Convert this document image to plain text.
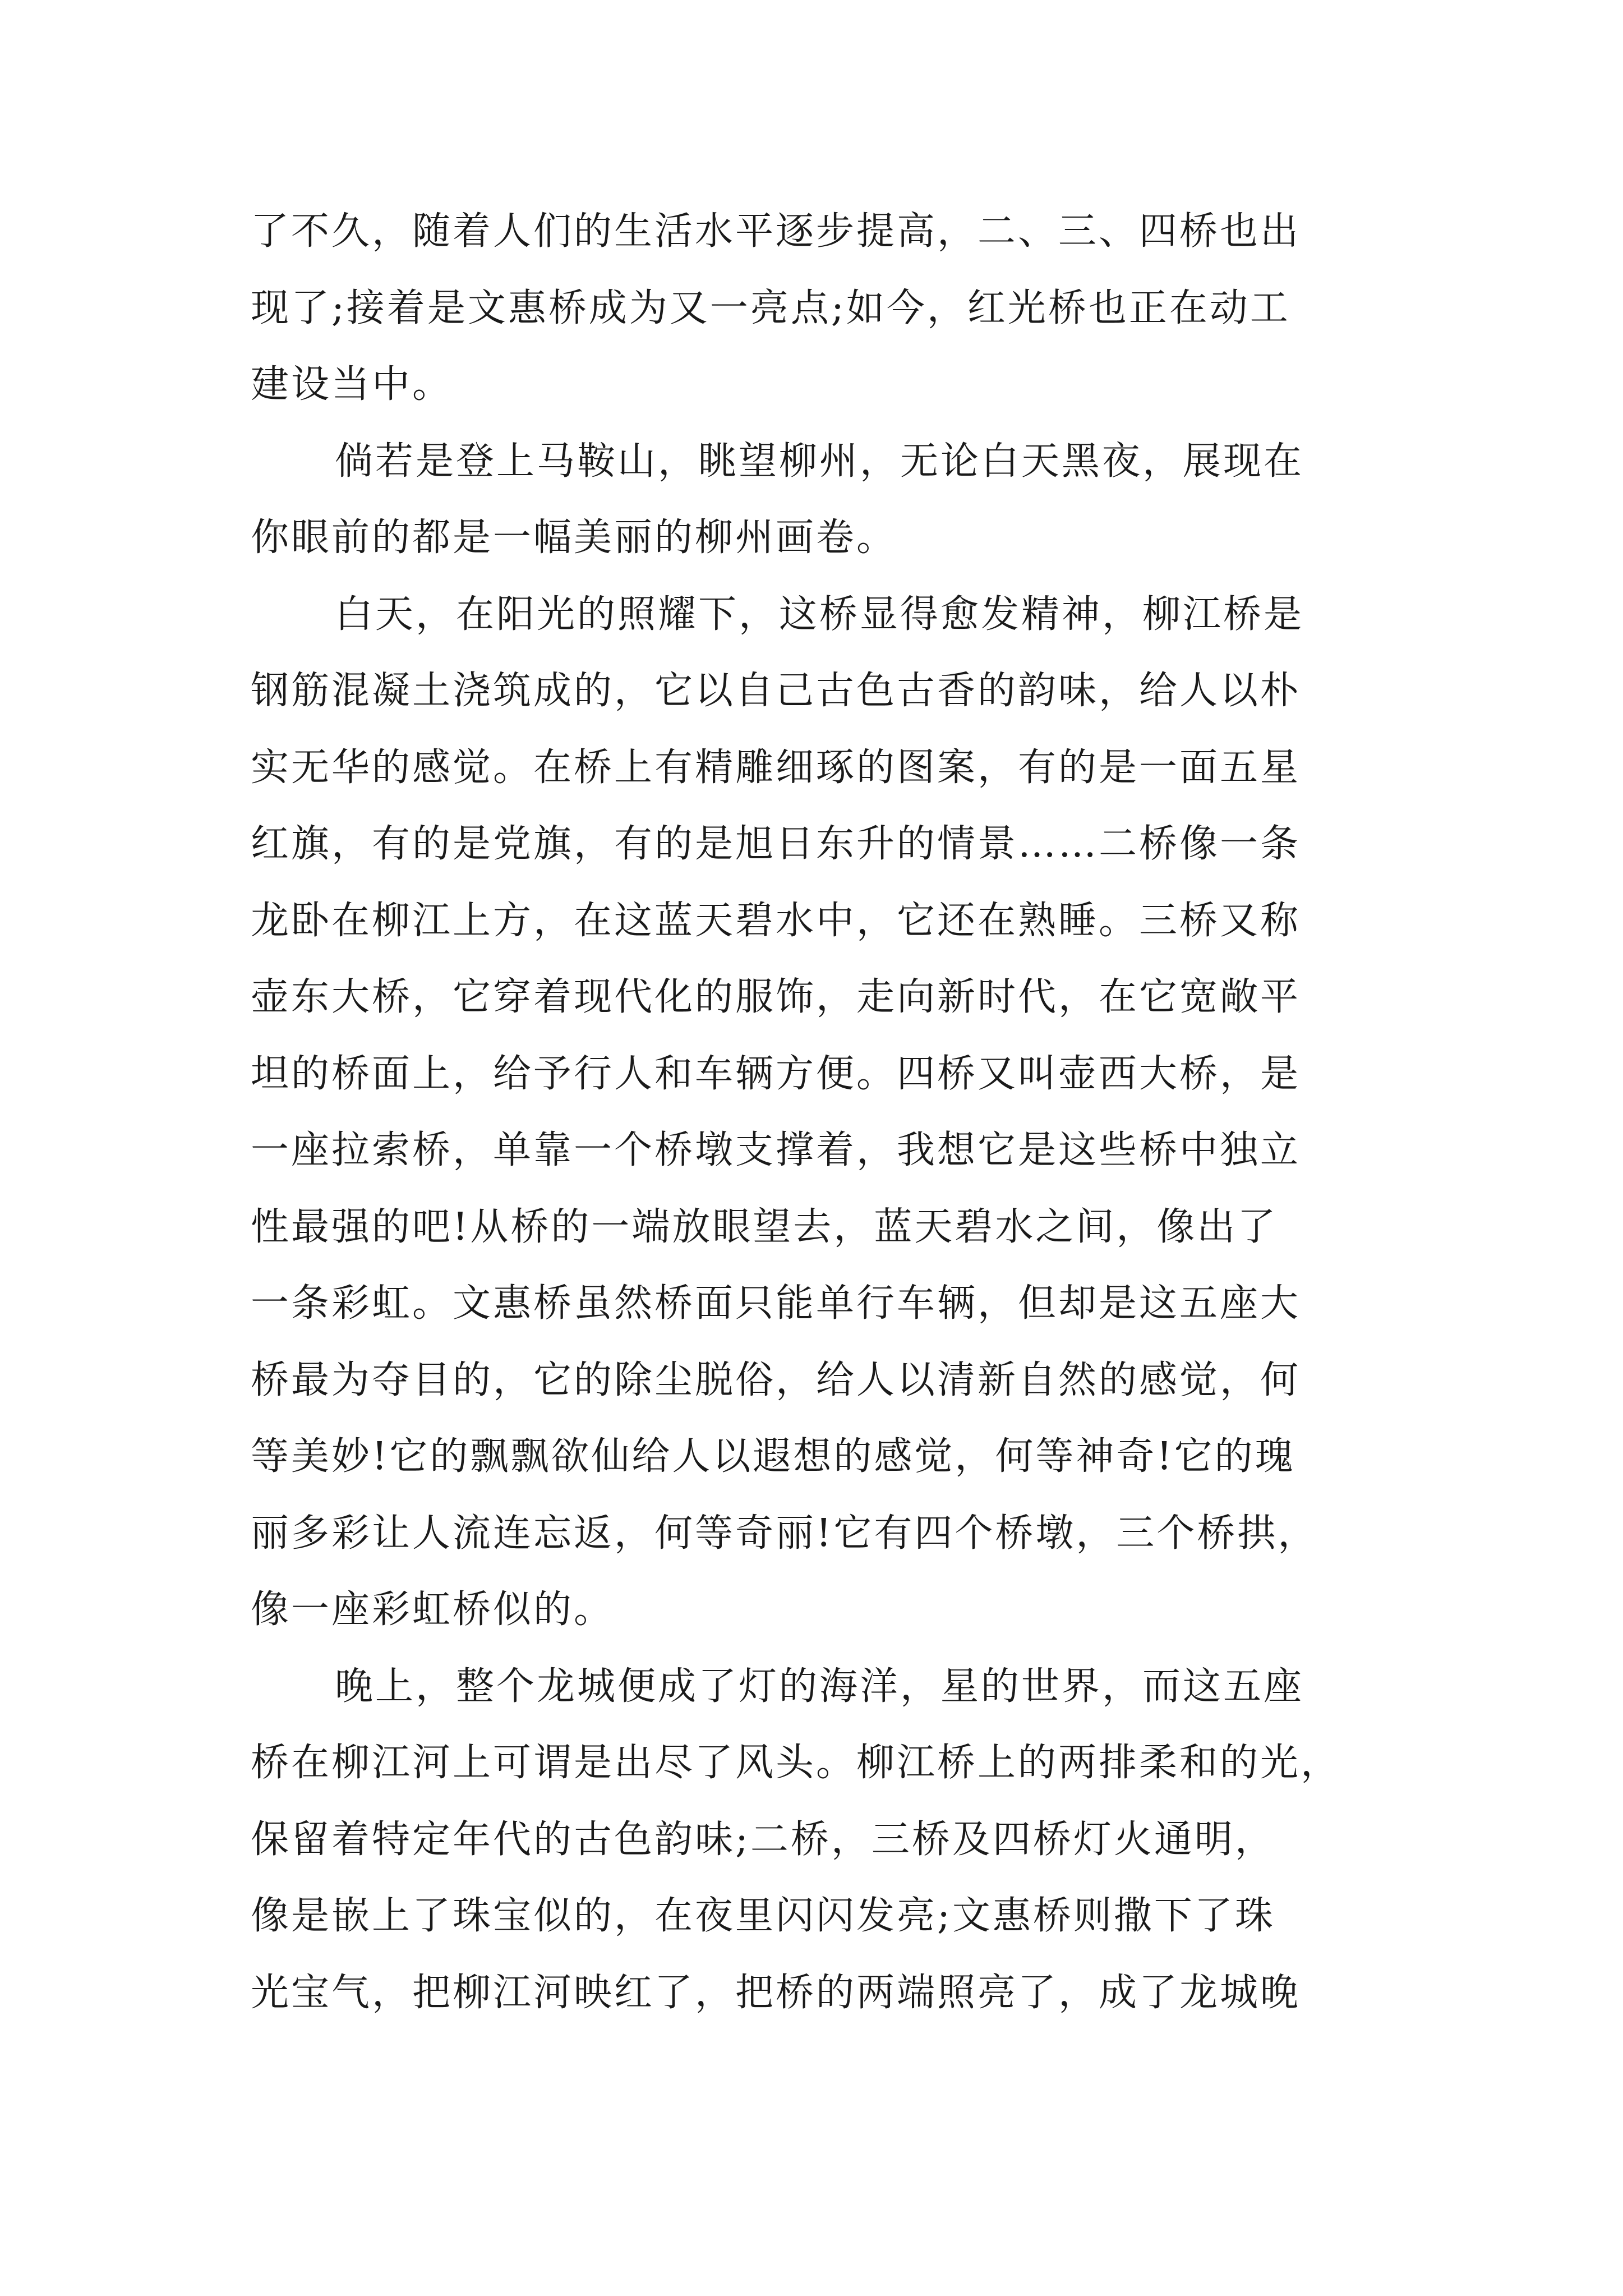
了不久，随着人们的生活水平逐步提高，二、三、四桥也出
现了;接着是文惠桥成为又一亮点;如今，红光桥也正在动工
建设当中。
倘若是登上马鞍山，眺望柳州，无论白天黑夜，展现在
你眼前的都是一幅美丽的柳州画卷。
白天，在阳光的照耀下，这桥显得愈发精神，柳江桥是
钢筋混凝土浇筑成的，它以自己古色古香的韵味，给人以朴
实无华的感觉。在桥上有精雕细琢的图案，有的是一面五星
红旗，有的是党旗，有的是旭日东升的情景……二桥像一条
龙卧在柳江上方，在这蓝天碧水中，它还在熟睡。三桥又称
壶东大桥，它穿着现代化的服饰，走向新时代，在它宽敞平
坦的桥面上，给予行人和车辆方便。四桥又叫壶西大桥，是
一座拉索桥，单靠一个桥墩支撑着，我想它是这些桥中独立
性最强的吧!从桥的一端放眼望去，蓝天碧水之间，像出了
一条彩虹。文惠桥虽然桥面只能单行车辆，但却是这五座大
桥最为夺目的，它的除尘脱俗，给人以清新自然的感觉，何
等美妙!它的飘飘欲仙给人以遐想的感觉，何等神奇!它的瑰
丽多彩让人流连忘返，何等奇丽!它有四个桥墩，三个桥拱，
像一座彩虹桥似的。
晚上，整个龙城便成了灯的海洋，星的世界，而这五座
桥在柳江河上可谓是出尽了风头。柳江桥上的两排柔和的光，
保留着特定年代的古色韵味;二桥，三桥及四桥灯火通明，
像是嵌上了珠宝似的，在夜里闪闪发亮;文惠桥则撒下了珠
光宝气，把柳江河映红了，把桥的两端照亮了，成了龙城晚
